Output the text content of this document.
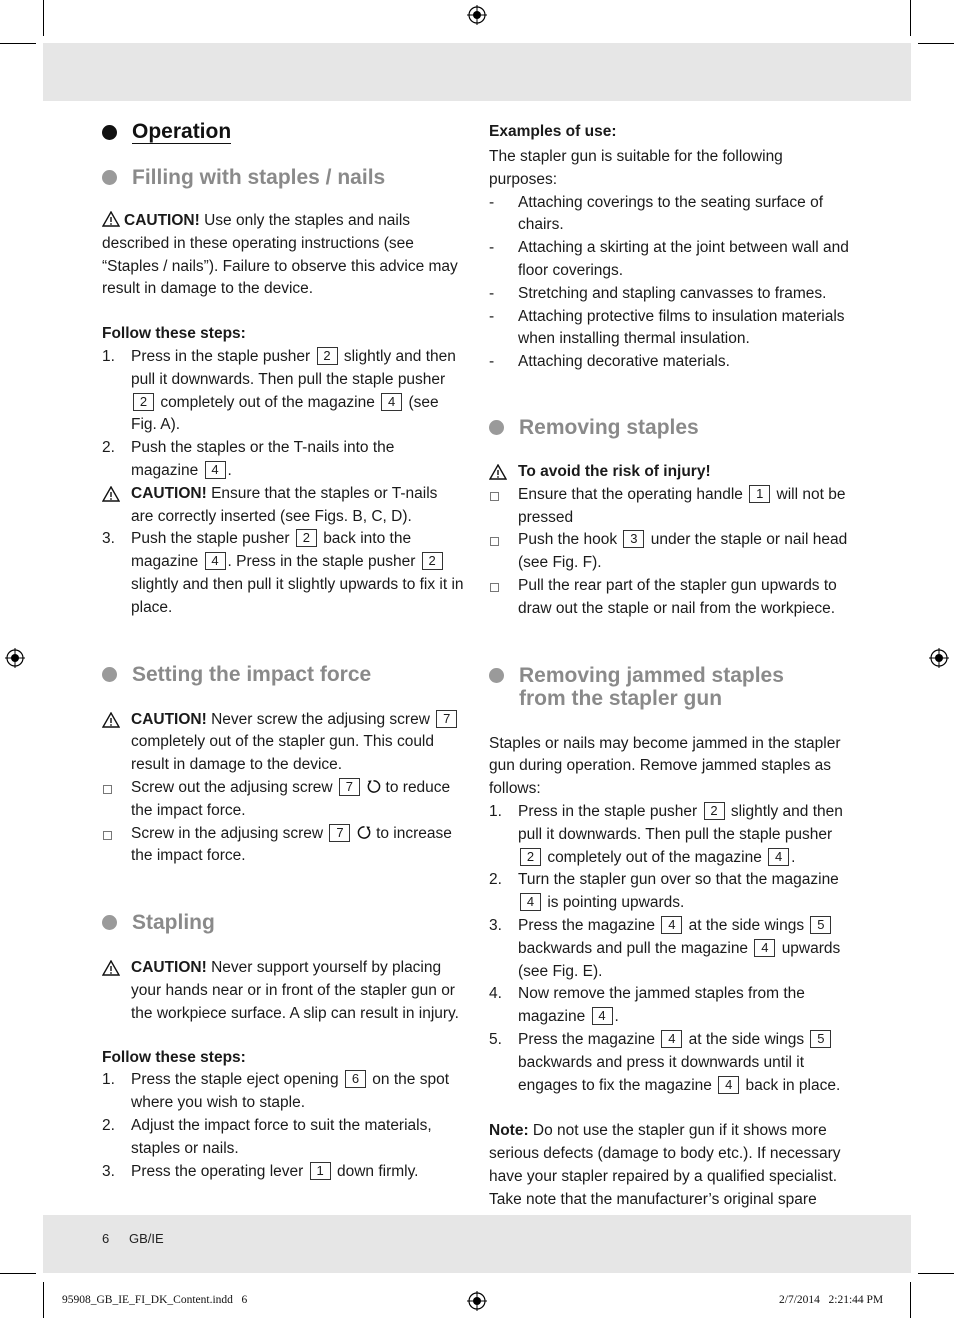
Operation
Filling with staples / nails

CAUTION! Use only the staples and nails described in these operating instructions (see “Staples / nails”). Failure to observe this advice may result in damage to the device.

Follow these steps:
1. Press in the staple pusher 2 slightly and then pull it downwards. Then pull the staple pusher 2 completely out of the magazine 4 (see Fig. A).
2. Push the staples or the T-nails into the magazine 4 .
CAUTION! Ensure that the staples or T-nails are correctly inserted (see Figs. B, C, D).
3. Push the staple pusher 2 back into the magazine 4 . Press in the staple pusher 2 slightly and then pull it slightly upwards to fix it in place.
Setting the impact force
CAUTION! Never screw the adjusing screw 7 completely out of the stapler gun. This could result in damage to the device.
Screw out the adjusing screw 7 to reduce the impact force.
Screw in the adjusing screw 7 to increase the impact force.
Stapling
CAUTION! Never support yourself by placing your hands near or in front of the stapler gun or the workpiece surface. A slip can result in injury.
Follow these steps:
1. Press the staple eject opening 6 on the spot where you wish to staple.
2. Adjust the impact force to suit the materials, staples or nails.
3. Press the operating lever 1 down firmly.
Examples of use:
The stapler gun is suitable for the following purposes:
- Attaching coverings to the seating surface of chairs.
- Attaching a skirting at the joint between wall and floor coverings.
- Stretching and stapling canvasses to frames.
- Attaching protective films to insulation materials when installing thermal insulation.
- Attaching decorative materials.
Removing staples
To avoid the risk of injury!
Ensure that the operating handle 1 will not be pressed
Push the hook 3 under the staple or nail head (see Fig. F).
Pull the rear part of the stapler gun upwards to draw out the staple or nail from the workpiece.
Removing jammed staples
from the stapler gun
Staples or nails may become jammed in the stapler gun during operation. Remove jammed staples as follows:
1. Press in the staple pusher 2 slightly and then pull it downwards. Then pull the staple pusher 2 completely out of the magazine 4 .
2. Turn the stapler gun over so that the magazine 4 is pointing upwards.
3. Press the magazine 4 at the side wings 5 backwards and pull the magazine 4 upwards (see Fig. E).
4. Now remove the jammed staples from the magazine 4 .
5. Press the magazine 4 at the side wings 5 backwards and press it downwards until it engages to fix the magazine 4 back in place.

Note: Do not use the stapler gun if it shows more serious defects (damage to body etc.). If necessary have your stapler repaired by a qualified specialist. Take note that the manufacturer’s original spare

6 GB/IE
95908_GB_IE_FI_DK_Content.indd   6	2/7/2014   2:21:44 PM
